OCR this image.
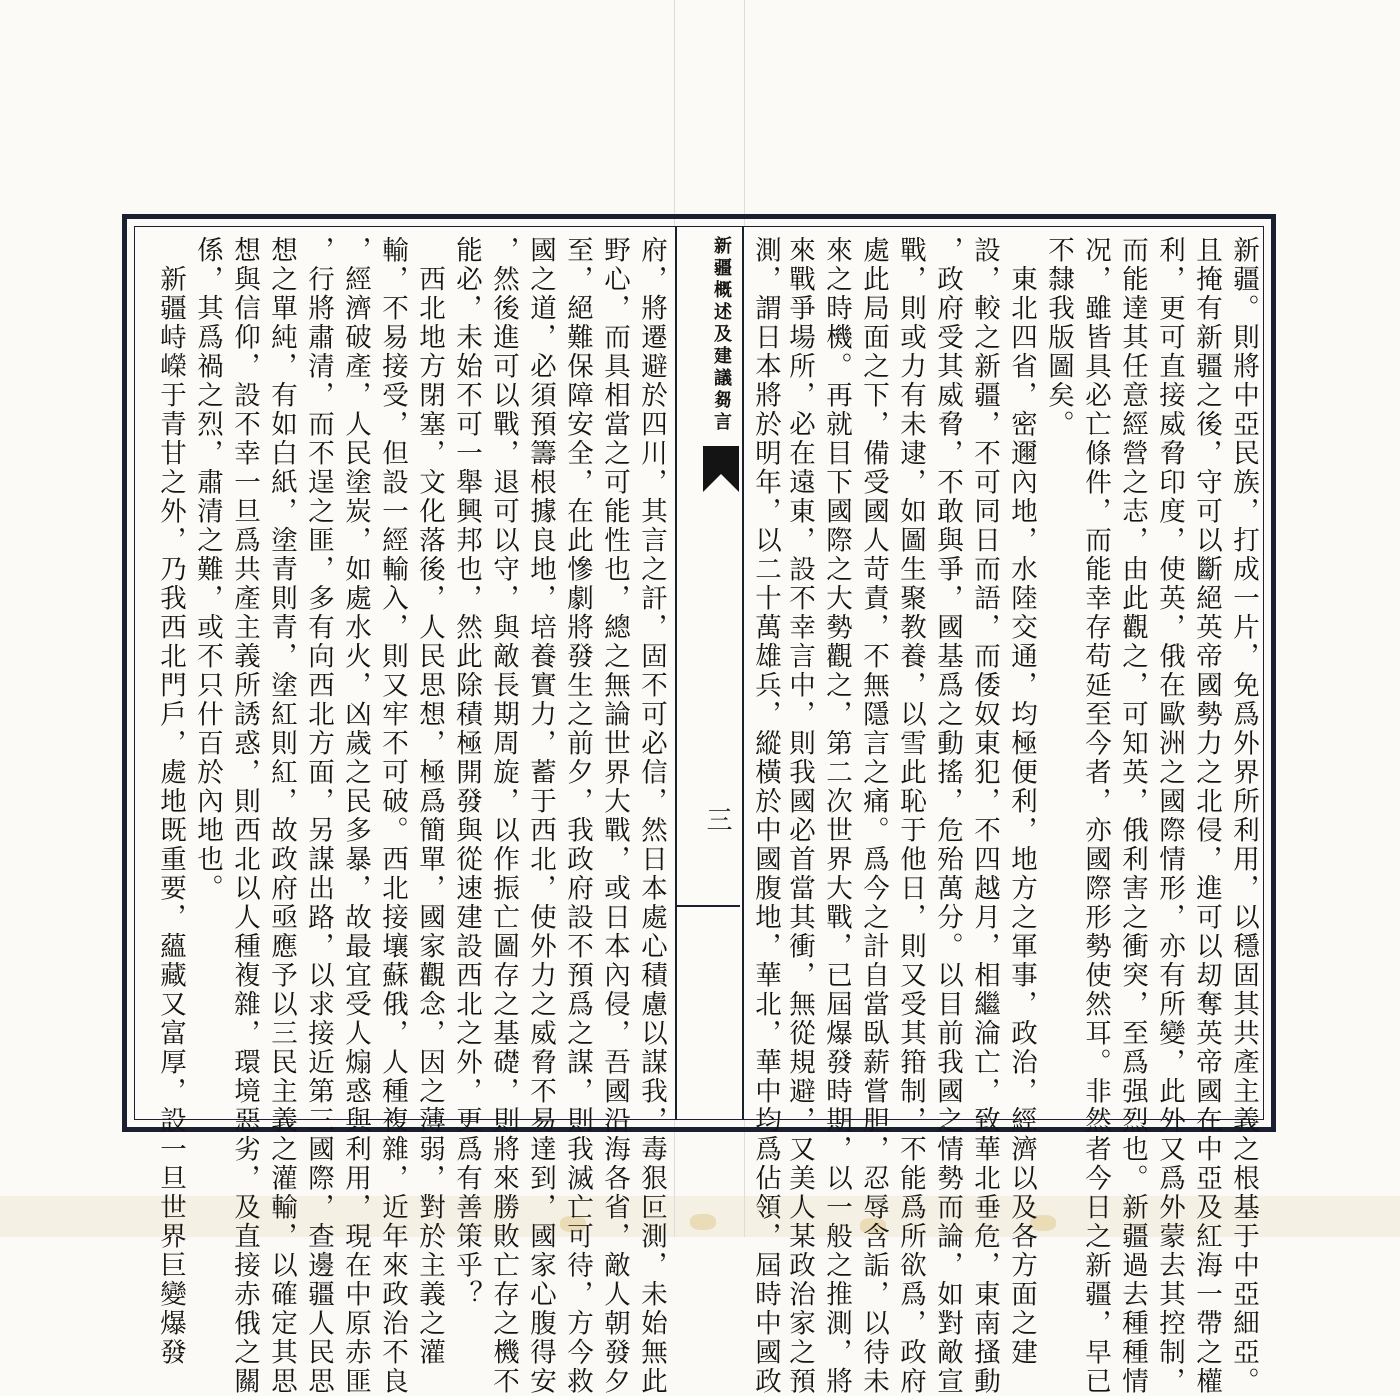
新疆概述及建議芻言
三	新疆。則將中亞民族，打成一片，免爲外界所利用，以穩固其共產主義之根基于中亞細亞。
且掩有新疆之後，守可以斷絕英帝國勢力之北侵，進可以刧奪英帝國在中亞及紅海一帶之權
利，更可直接威脅印度，使英，俄在歐洲之國際情形，亦有所變，此外又爲外蒙去其控制，
而能達其任意經營之志，由此觀之，可知英，俄利害之衝突，至爲强烈也。新疆過去種種情
况，雖皆具必亡條件，而能幸存苟延至今者，亦國際形勢使然耳。非然者今日之新疆，早已
不隸我版圖矣。
　東北四省，密邇內地，水陸交通，均極便利，地方之軍事，政治，經濟以及各方面之建
設，較之新疆，不可同日而語，而倭奴東犯，不四越月，相繼淪亡，致華北垂危，東南搔動
，政府受其威脅，不敢與爭，國基爲之動搖，危殆萬分。以目前我國之情勢而論，如對敵宣
戰，則或力有未逮，如圖生聚教養，以雪此恥于他日，則又受其箝制，不能爲所欲爲，政府
處此局面之下，備受國人苛責，不無隱言之痛。爲今之計自當臥薪嘗胆，忍辱含詬，以待未
來之時機。再就目下國際之大勢觀之，第二次世界大戰，已屆爆發時期，以一般之推測，將
來戰爭場所，必在遠東，設不幸言中，則我國必首當其衝，無從規避，又美人某政治家之預
測，謂日本將於明年，以二十萬雄兵，縱橫於中國腹地，華北，華中均爲佔領，屆時中國政
府，將遷避於四川，其言之訐，固不可必信，然日本處心積慮以謀我，毒狠叵測，未始無此
野心，而具相當之可能性也，總之無論世界大戰，或日本內侵，吾國沿海各省，敵人朝發夕
至，絕難保障安全，在此慘劇將發生之前夕，我政府設不預爲之謀，則我滅亡可待，方今救
國之道，必須預籌根據良地，培養實力，蓄于西北，使外力之威脅不易達到，國家心腹得安
，然後進可以戰，退可以守，與敵長期周旋，以作振亡圖存之基礎，則將來勝敗亡存之機不
能必，未始不可一舉興邦也，然此除積極開發與從速建設西北之外，更爲有善策乎？
　西北地方閉塞，文化落後，人民思想，極爲簡單，國家觀念，因之薄弱，對於主義之灌
輸，不易接受，但設一經輸入，則又牢不可破。西北接壤蘇俄，人種複雜，近年來政治不良
，經濟破產，人民塗炭，如處水火，凶歲之民多暴，故最宜受人煽惑與利用，現在中原赤匪
，行將肅清，而不逞之匪，多有向西北方面，另謀出路，以求接近第三國際，查邊疆人民思
想之單純，有如白紙，塗青則青，塗紅則紅，故政府亟應予以三民主義之灌輸，以確定其思
想與信仰，設不幸一旦爲共產主義所誘惑，則西北以人種複雜，環境惡劣，及直接赤俄之關
係，其爲禍之烈，肅清之難，或不只什百於內地也。
　新疆峙嶸于青甘之外，乃我西北門戶，處地既重要，蘊藏又富厚，設一旦世界巨變爆發
